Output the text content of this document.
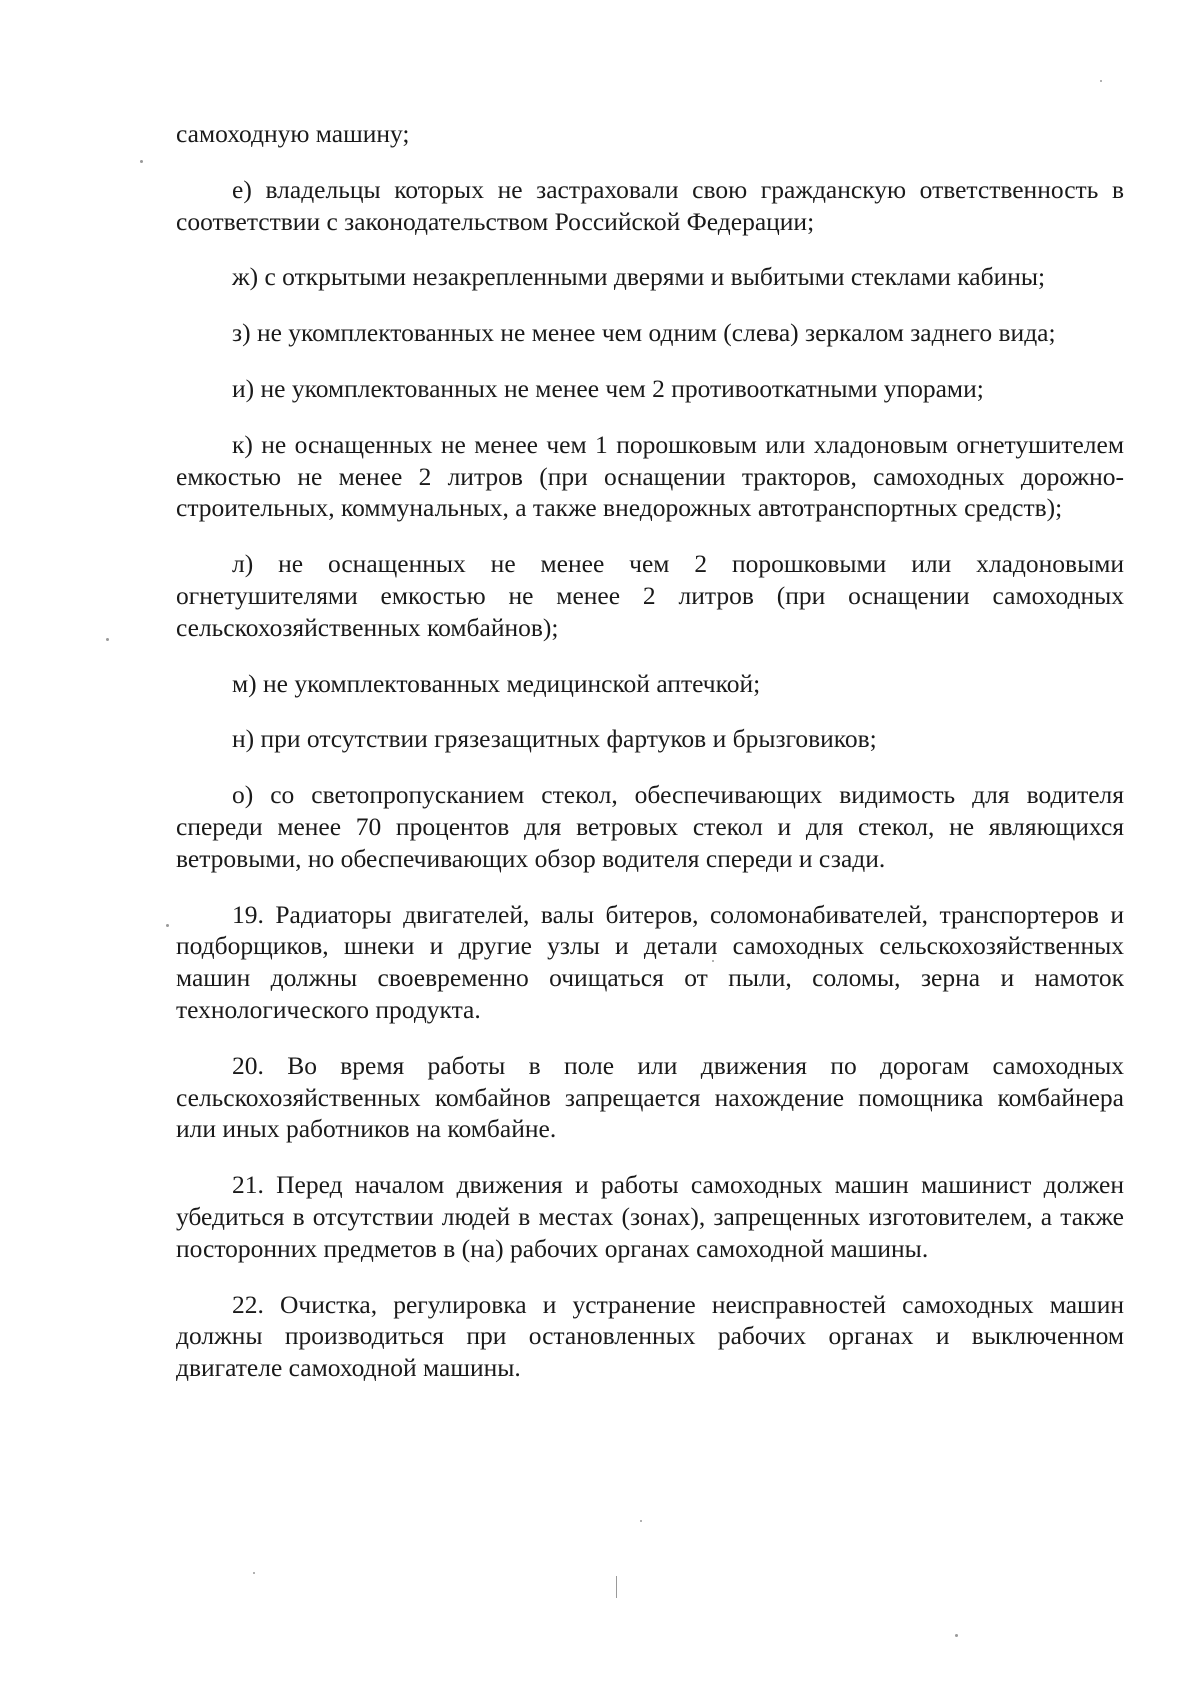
самоходную машину;

е) владельцы которых не застраховали свою гражданскую ответственность в соответствии с законодательством Российской Федерации;

ж) с открытыми незакрепленными дверями и выбитыми стеклами кабины;

з) не укомплектованных не менее чем одним (слева) зеркалом заднего вида;

и) не укомплектованных не менее чем 2 противооткатными упорами;

к) не оснащенных не менее чем 1 порошковым или хладоновым огнетушителем емкостью не менее 2 литров (при оснащении тракторов, самоходных дорожно-строительных, коммунальных, а также внедорожных автотранспортных средств);

л) не оснащенных не менее чем 2 порошковыми или хладоновыми огнетушителями емкостью не менее 2 литров (при оснащении самоходных сельскохозяйственных комбайнов);

м) не укомплектованных медицинской аптечкой;

н) при отсутствии грязезащитных фартуков и брызговиков;

о) со светопропусканием стекол, обеспечивающих видимость для водителя спереди менее 70 процентов для ветровых стекол и для стекол, не являющихся ветровыми, но обеспечивающих обзор водителя спереди и сзади.

19. Радиаторы двигателей, валы битеров, соломонабивателей, транспортеров и подборщиков, шнеки и другие узлы и детали самоходных сельскохозяйственных машин должны своевременно очищаться от пыли, соломы, зерна и намоток технологического продукта.

20. Во время работы в поле или движения по дорогам самоходных сельскохозяйственных комбайнов запрещается нахождение помощника комбайнера или иных работников на комбайне.

21. Перед началом движения и работы самоходных машин машинист должен убедиться в отсутствии людей в местах (зонах), запрещенных изготовителем, а также посторонних предметов в (на) рабочих органах самоходной машины.

22. Очистка, регулировка и устранение неисправностей самоходных машин должны производиться при остановленных рабочих органах и выключенном двигателе самоходной машины.
